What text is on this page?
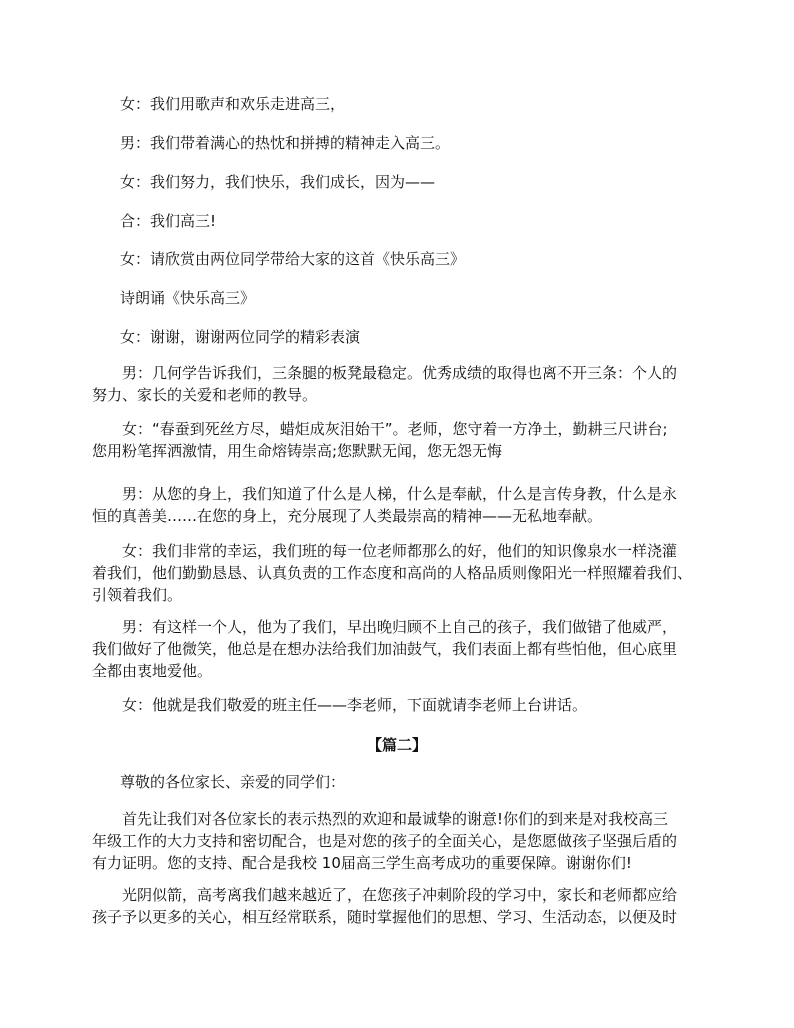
女：我们用歌声和欢乐走进高三，

男：我们带着满心的热忱和拼搏的精神走入高三。

女：我们努力，我们快乐，我们成长，因为——

合：我们高三!

女：请欣赏由两位同学带给大家的这首《快乐高三》

诗朗诵《快乐高三》

女：谢谢，谢谢两位同学的精彩表演

男：几何学告诉我们，三条腿的板凳最稳定。优秀成绩的取得也离不开三条：个人的
努力、家长的关爱和老师的教导。
女：“春蚕到死丝方尽，蜡炬成灰泪始干”。老师，您守着一方净土，勤耕三尺讲台;
您用粉笔挥洒激情，用生命熔铸崇高;您默默无闻，您无怨无悔
男：从您的身上，我们知道了什么是人梯，什么是奉献，什么是言传身教，什么是永
恒的真善美……在您的身上，充分展现了人类最崇高的精神——无私地奉献。
女：我们非常的幸运，我们班的每一位老师都那么的好，他们的知识像泉水一样浇灌
着我们，他们勤勤恳恳、认真负责的工作态度和高尚的人格品质则像阳光一样照耀着我们、
引领着我们。
男：有这样一个人，他为了我们，早出晚归顾不上自己的孩子，我们做错了他威严，
我们做好了他微笑，他总是在想办法给我们加油鼓气，我们表面上都有些怕他，但心底里
全都由衷地爱他。
女：他就是我们敬爱的班主任——李老师，下面就请李老师上台讲话。
【篇二】

尊敬的各位家长、亲爱的同学们：

首先让我们对各位家长的表示热烈的欢迎和最诚挚的谢意!你们的到来是对我校高三
年级工作的大力支持和密切配合，也是对您的孩子的全面关心，是您愿做孩子坚强后盾的
有力证明。您的支持、配合是我校 10届高三学生高考成功的重要保障。谢谢你们!
光阴似箭，高考离我们越来越近了，在您孩子冲刺阶段的学习中，家长和老师都应给
孩子予以更多的关心，相互经常联系，随时掌握他们的思想、学习、生活动态，以便及时
